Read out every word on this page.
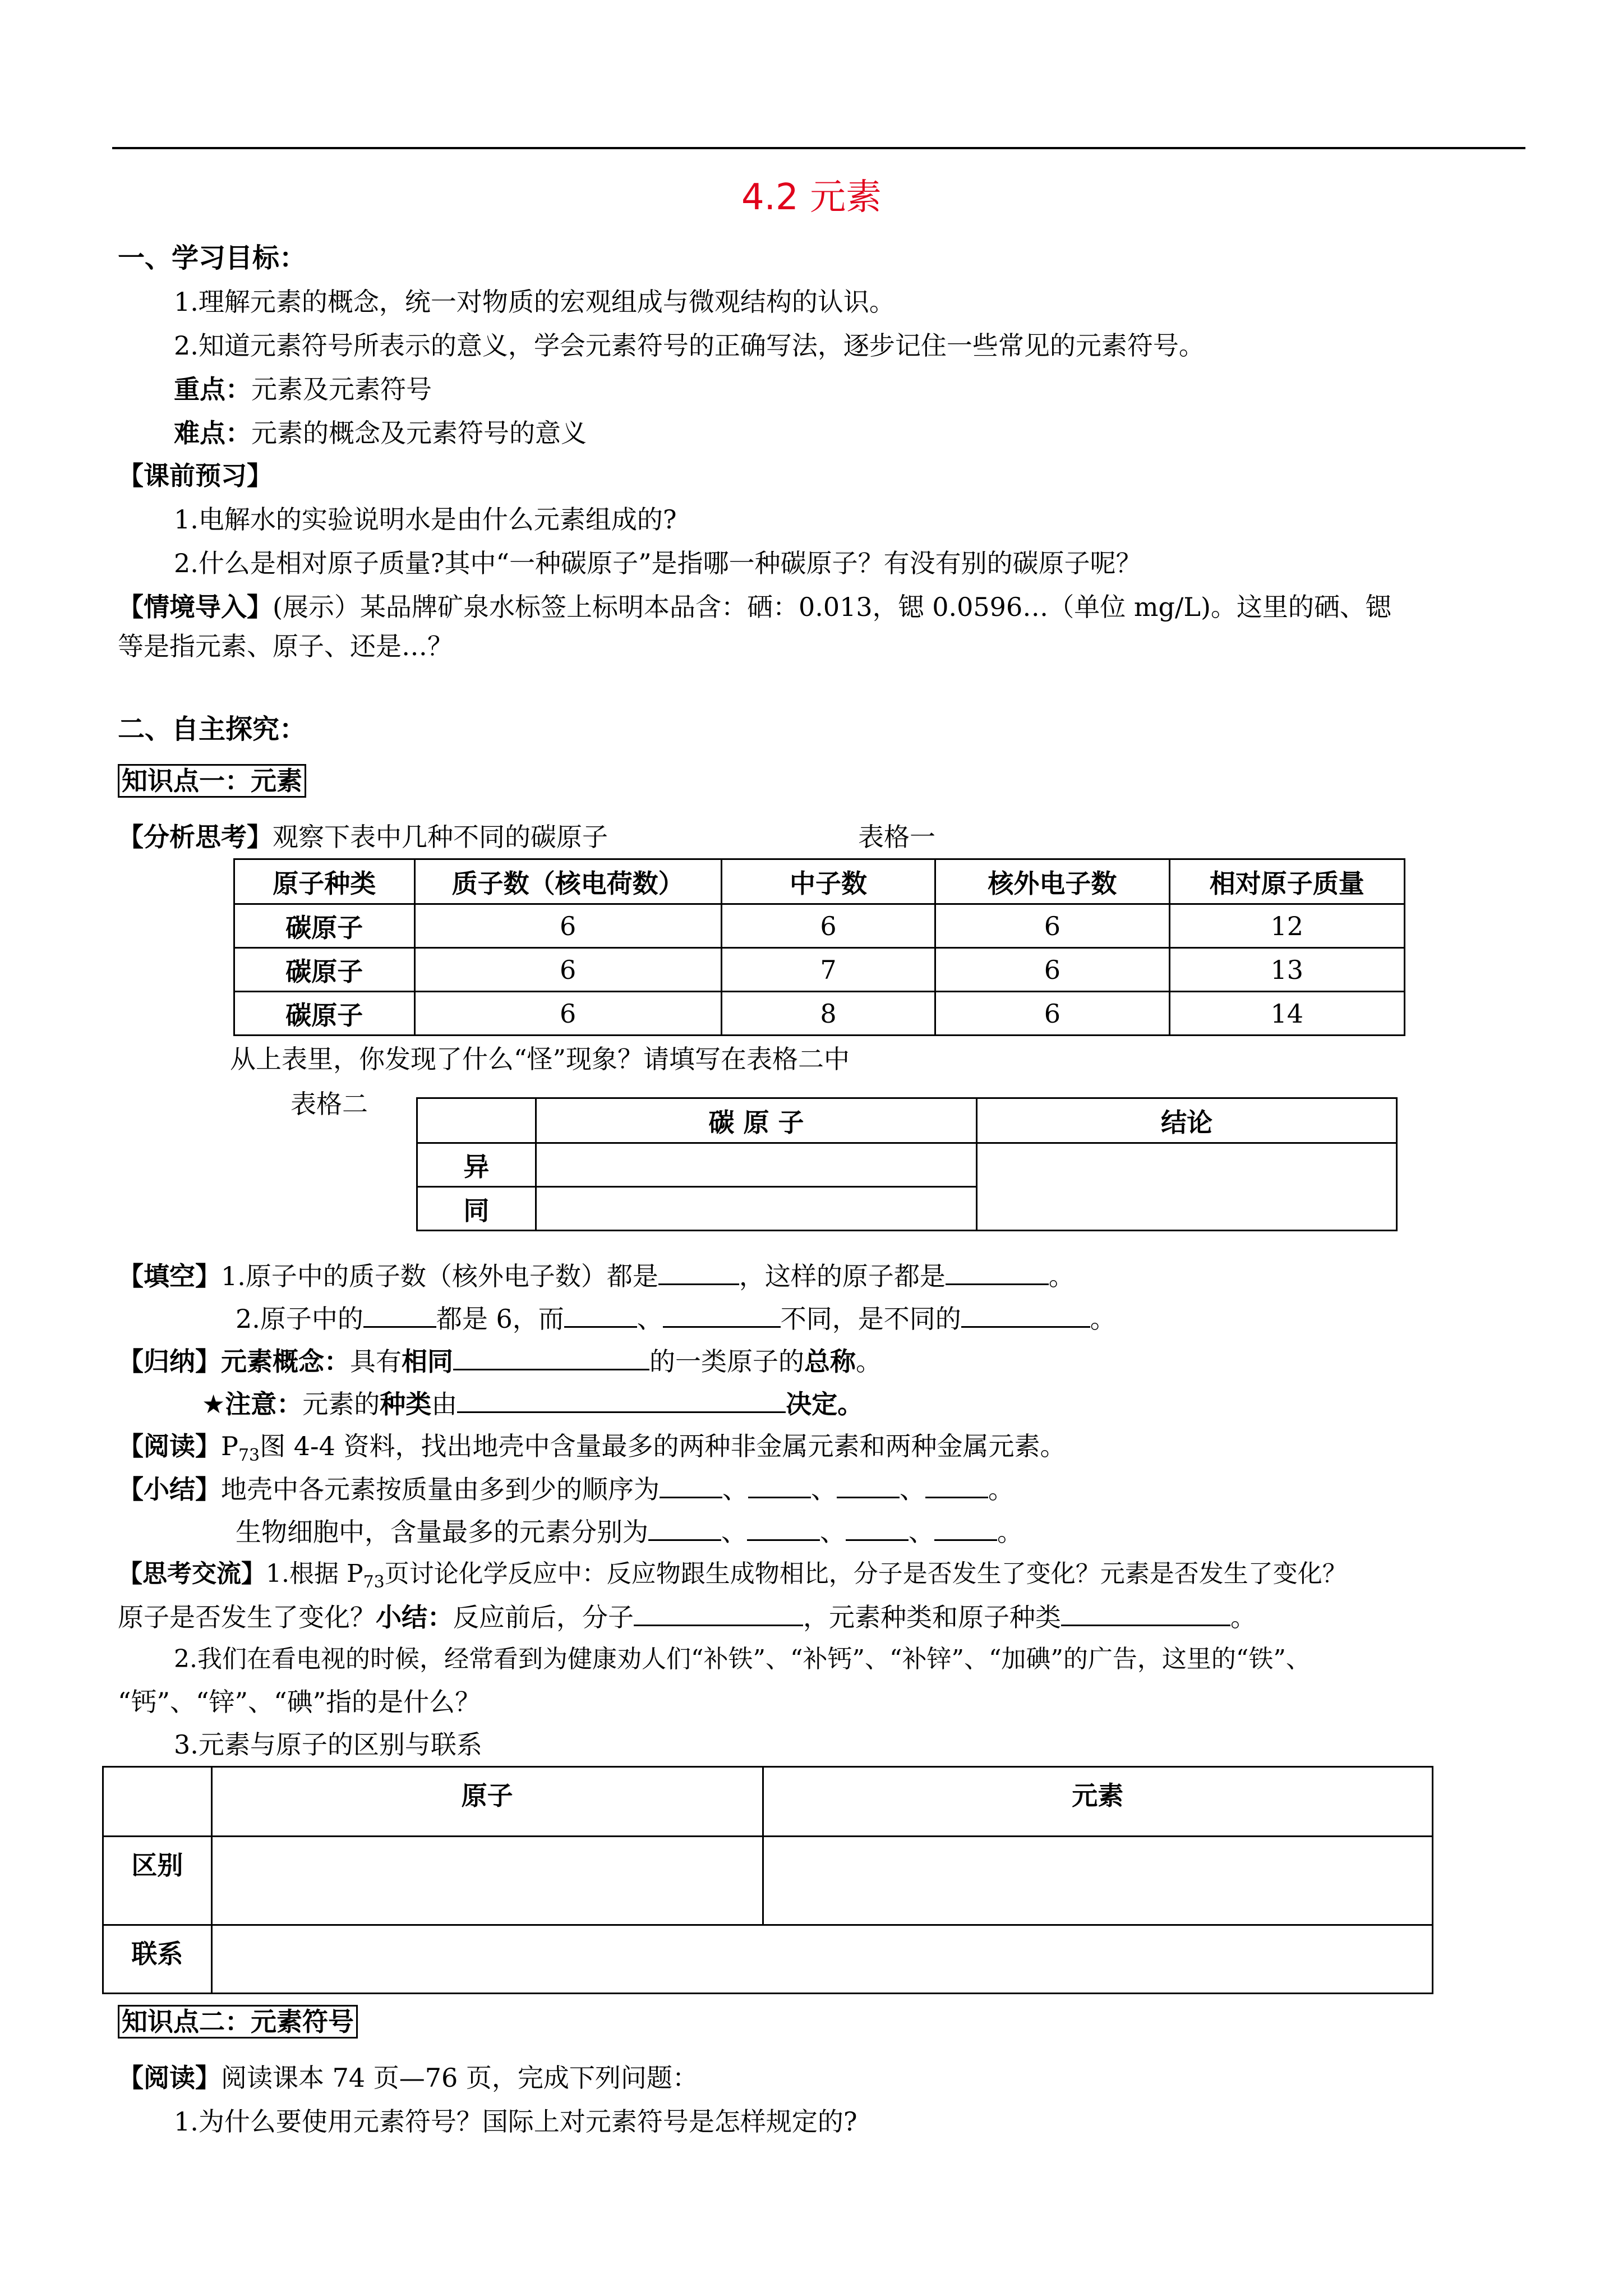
4.2 元素
一、学习目标：
1.理解元素的概念，统一对物质的宏观组成与微观结构的认识。
2.知道元素符号所表示的意义，学会元素符号的正确写法，逐步记住一些常见的元素符号。
重点：元素及元素符号
难点：元素的概念及元素符号的意义
【课前预习】
1.电解水的实验说明水是由什么元素组成的?
2.什么是相对原子质量?其中“一种碳原子”是指哪一种碳原子？有没有别的碳原子呢？
【情境导入】(展示）某品牌矿泉水标签上标明本品含：硒：0.013，锶 0.0596…（单位 mg/L)。这里的硒、锶
等是指元素、原子、还是…？
二、自主探究：
知识点一：元素
【分析思考】观察下表中几种不同的碳原子	表格一
原子种类	质子数（核电荷数）	中子数	核外电子数	相对原子质量
碳原子	6	6	6	12
碳原子	6	7	6	13
碳原子	6	8	6	14
从上表里，你发现了什么“怪”现象？请填写在表格二中
表格二
	碳 原 子	结论
异		
同		
【填空】1.原子中的质子数（核外电子数）都是	，这样的原子都是	。
2.原子中的	都是 6，而	、	不同，是不同的	。
【归纳】元素概念：具有相同	的一类原子的总称。
★注意：元素的种类由	决定。
【阅读】$P_{73}$图 4-4 资料，找出地壳中含量最多的两种非金属元素和两种金属元素。
【小结】地壳中各元素按质量由多到少的顺序为 、 、 、 。
生物细胞中，含量最多的元素分别为	、	、 、 。
【思考交流】1.根据 $P_{73}$页讨论化学反应中：反应物跟生成物相比，分子是否发生了变化？元素是否发生了变化？
原子是否发生了变化？小结：反应前后，分子	，元素种类和原子种类	。
2.我们在看电视的时候，经常看到为健康劝人们“补铁”、“补钙”、“补锌”、“加碘”的广告，这里的“铁”、
“钙”、“锌”、“碘”指的是什么？
3.元素与原子的区别与联系
	原子	元素
区别		
联系		
知识点二：元素符号
【阅读】阅读课本 74 页—76 页，完成下列问题：
1.为什么要使用元素符号？国际上对元素符号是怎样规定的?
